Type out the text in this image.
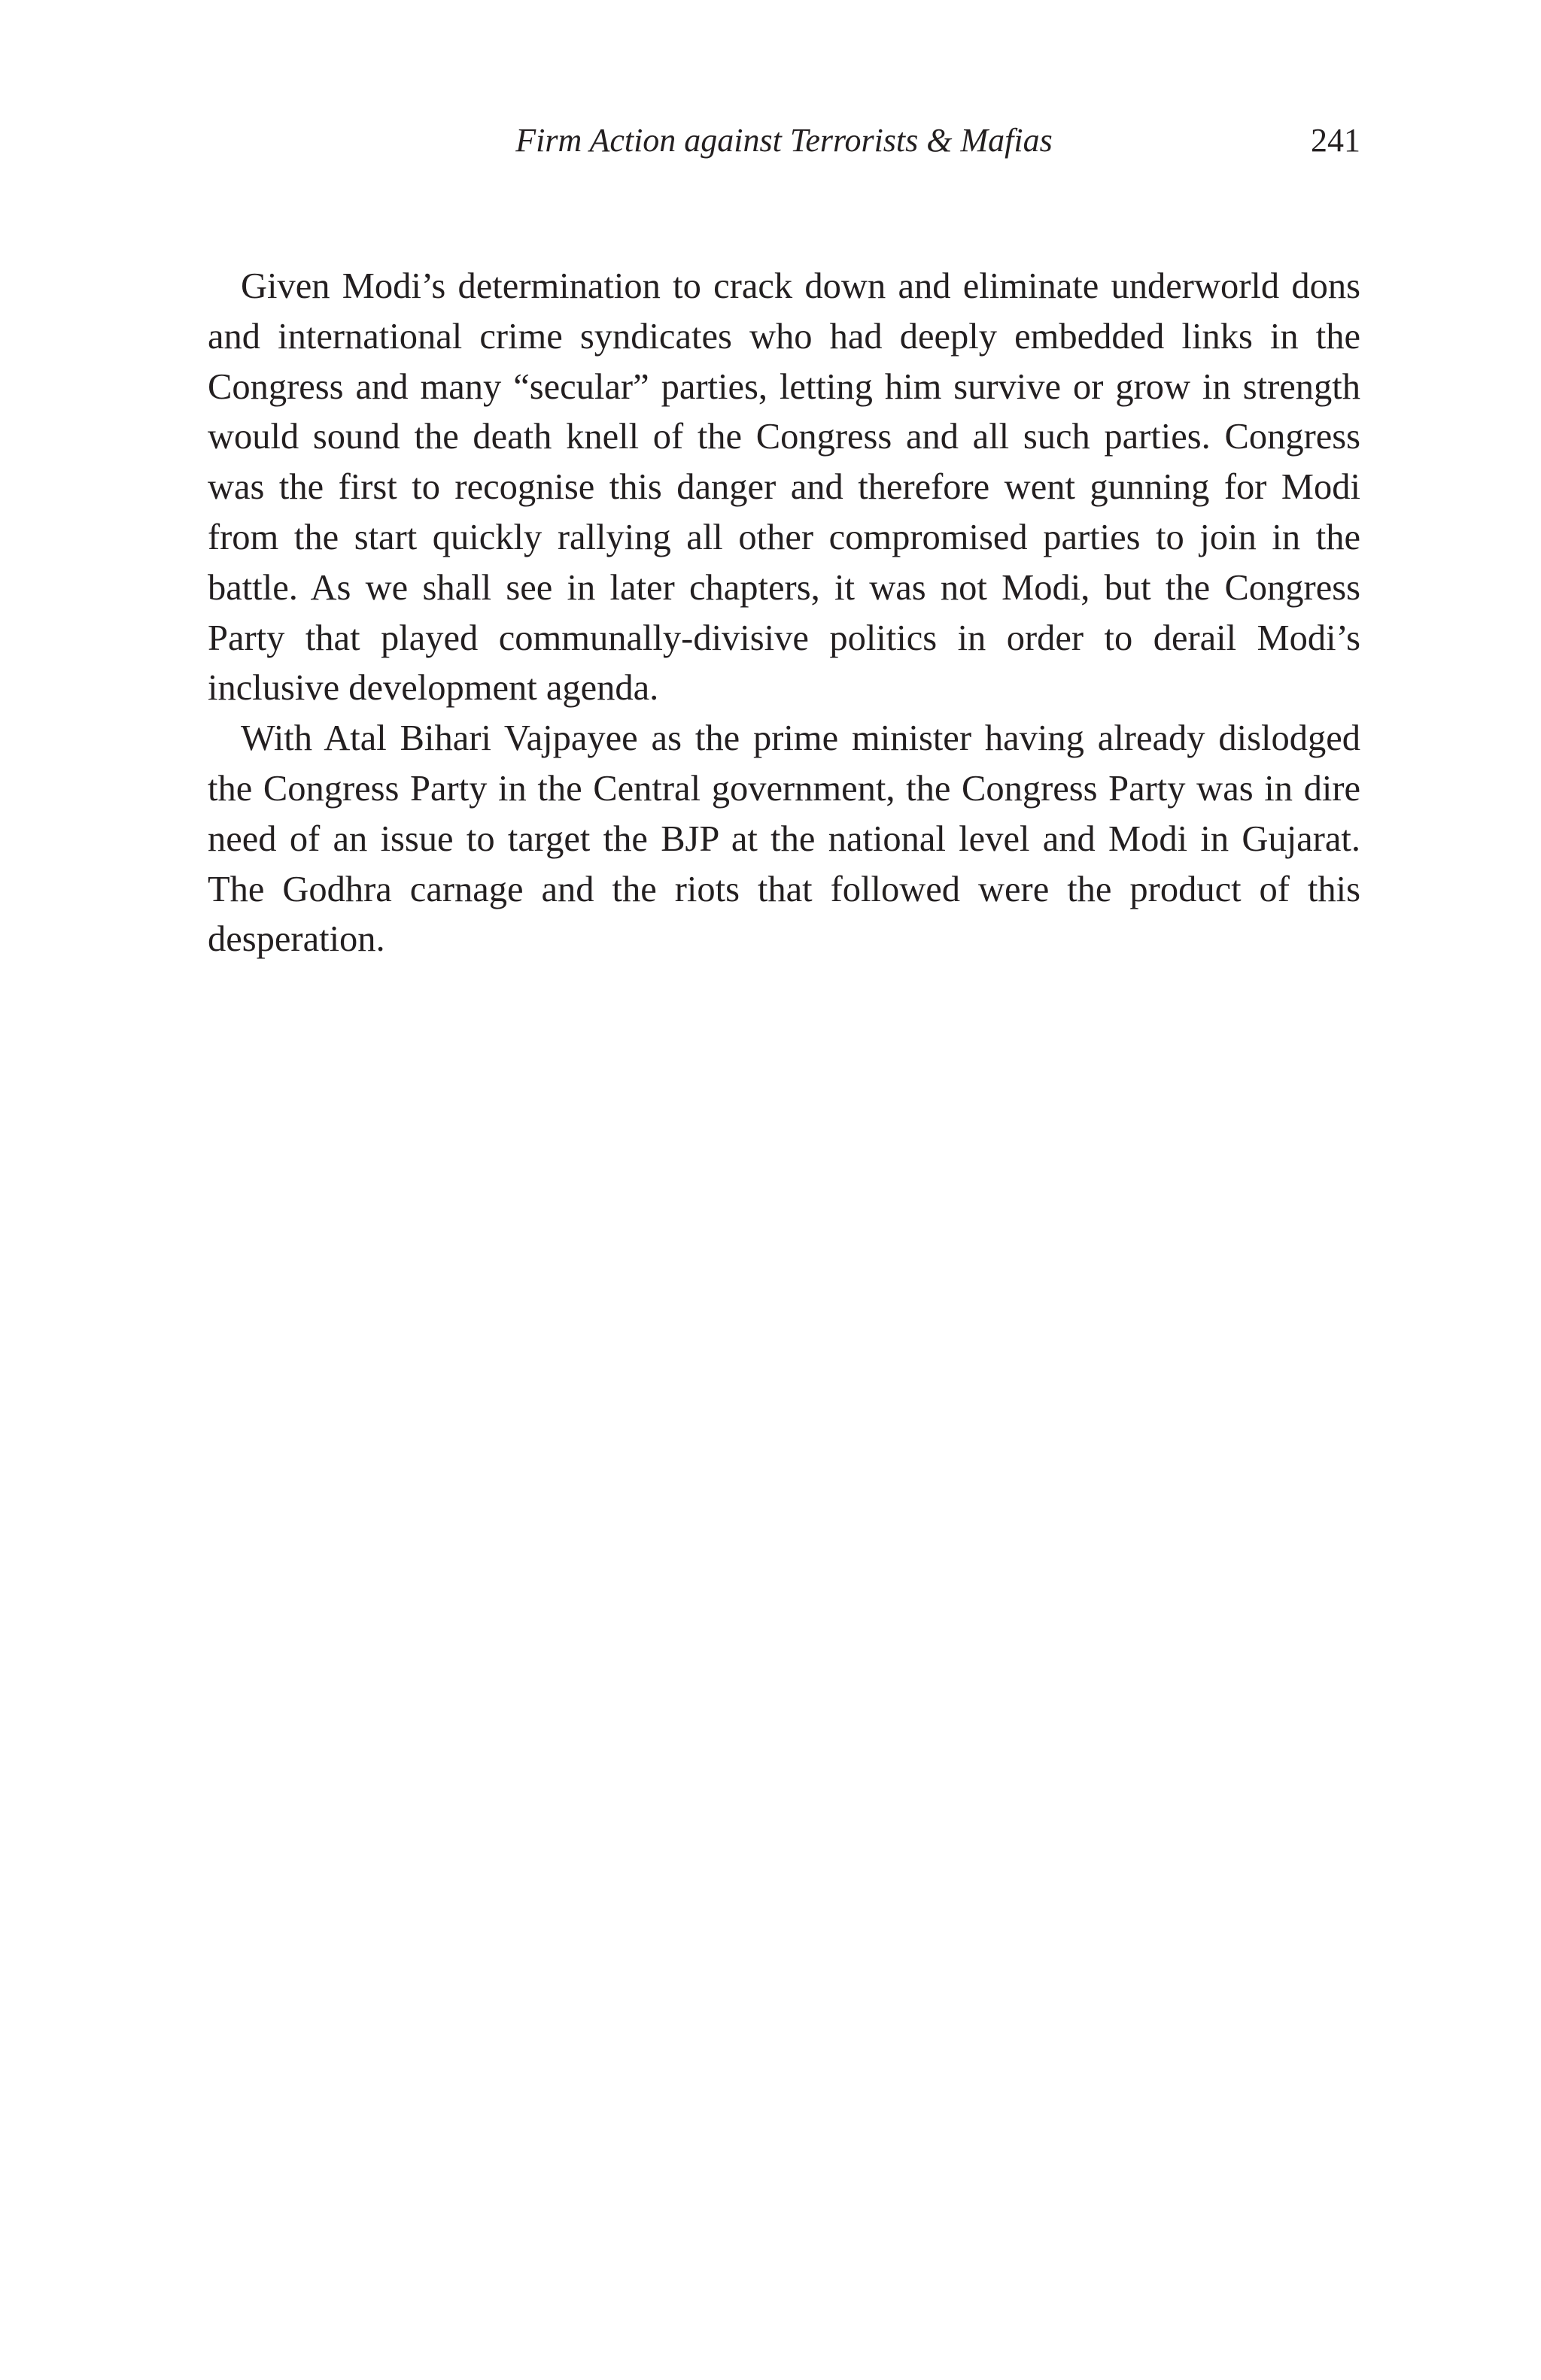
Firm Action against Terrorists & Mafias	241

Given Modi’s determination to crack down and eliminate underworld dons and international crime syndicates who had deeply embedded links in the Congress and many “secular” parties, letting him survive or grow in strength would sound the death knell of the Congress and all such parties. Congress was the first to recognise this danger and therefore went gunning for Modi from the start quickly rallying all other compromised parties to join in the battle. As we shall see in later chapters, it was not Modi, but the Congress Party that played communally-divisive politics in order to derail Modi’s inclusive development agenda.

With Atal Bihari Vajpayee as the prime minister having already dislodged the Congress Party in the Central government, the Congress Party was in dire need of an issue to target the BJP at the national level and Modi in Gujarat. The Godhra carnage and the riots that followed were the product of this desperation.
